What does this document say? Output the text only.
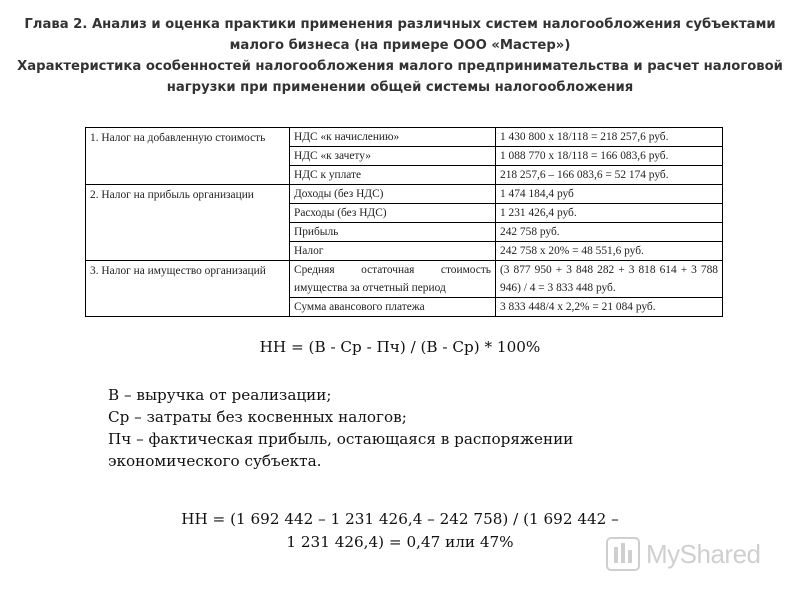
Глава 2. Анализ и оценка практики применения различных систем налогообложения субъектами
малого бизнеса (на примере ООО «Мастер»)
Характеристика особенностей налогообложения малого предпринимательства и расчет налоговой
нагрузки при применении общей системы налогообложения
1. Налог на добавленную стоимость	НДС «к начислению»	1 430 800 х 18/118 = 218 257,6 руб.
	НДС «к зачету»	1 088 770 х 18/118 = 166 083,6 руб.
	НДС к уплате	218 257,6 – 166 083,6 = 52 174 руб.
2. Налог на прибыль организации	Доходы (без НДС)	1 474 184,4 руб
	Расходы (без НДС)	1 231 426,4 руб.
	Прибыль	242 758 руб.
	Налог	242 758 х 20% = 48 551,6 руб.
3. Налог на имущество организаций	Средняя остаточная стоимость имущества за отчетный период	(3 877 950 + 3 848 282 + 3 818 614 + 3 788 946) / 4 = 3 833 448 руб.
	Сумма авансового платежа	3 833 448/4 х 2,2% = 21 084 руб.
НН = (В - Ср - Пч) / (В - Ср) * 100%
В – выручка от реализации;
Ср – затраты без косвенных налогов;
Пч – фактическая прибыль, остающаяся в распоряжении
экономического субъекта.
НН = (1 692 442 – 1 231 426,4 – 242 758) / (1 692 442 –
1 231 426,4) = 0,47 или 47%	MyShared
